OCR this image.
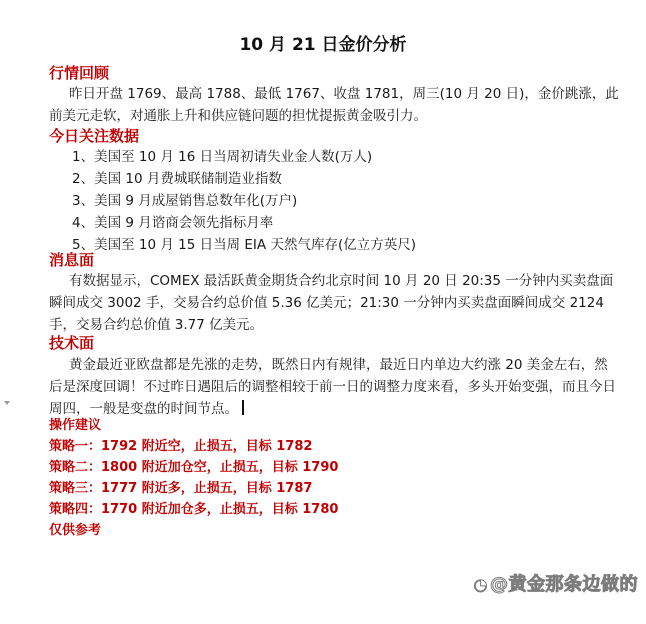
10 月 21 日金价分析
行情回顾
昨日开盘 1769、最高 1788、最低 1767、收盘 1781，周三(10 月 20 日)，金价跳涨，此前美元走软，对通胀上升和供应链问题的担忧提振黄金吸引力。
今日关注数据
1、美国至 10 月 16 日当周初请失业金人数(万人)
2、美国 10 月费城联储制造业指数
3、美国 9 月成屋销售总数年化(万户)
4、美国 9 月谘商会领先指标月率
5、美国至 10 月 15 日当周 EIA 天然气库存(亿立方英尺)
消息面
有数据显示，COMEX 最活跃黄金期货合约北京时间 10 月 20 日 20:35 一分钟内买卖盘面瞬间成交 3002 手，交易合约总价值 5.36 亿美元；21:30 一分钟内买卖盘面瞬间成交 2124 手，交易合约总价值 3.77 亿美元。
技术面
黄金最近亚欧盘都是先涨的走势，既然日内有规律，最近日内单边大约涨 20 美金左右，然后是深度回调！不过昨日遇阻后的调整相较于前一日的调整力度来看，多头开始变强，而且今日周四，一般是变盘的时间节点。
操作建议
策略一：1792 附近空，止损五，目标 1782
策略二：1800 附近加仓空，止损五，目标 1790
策略三：1777 附近多，止损五，目标 1787
策略四：1770 附近加仓多，止损五，目标 1780
仅供参考
◔ @黄金那条边做的
